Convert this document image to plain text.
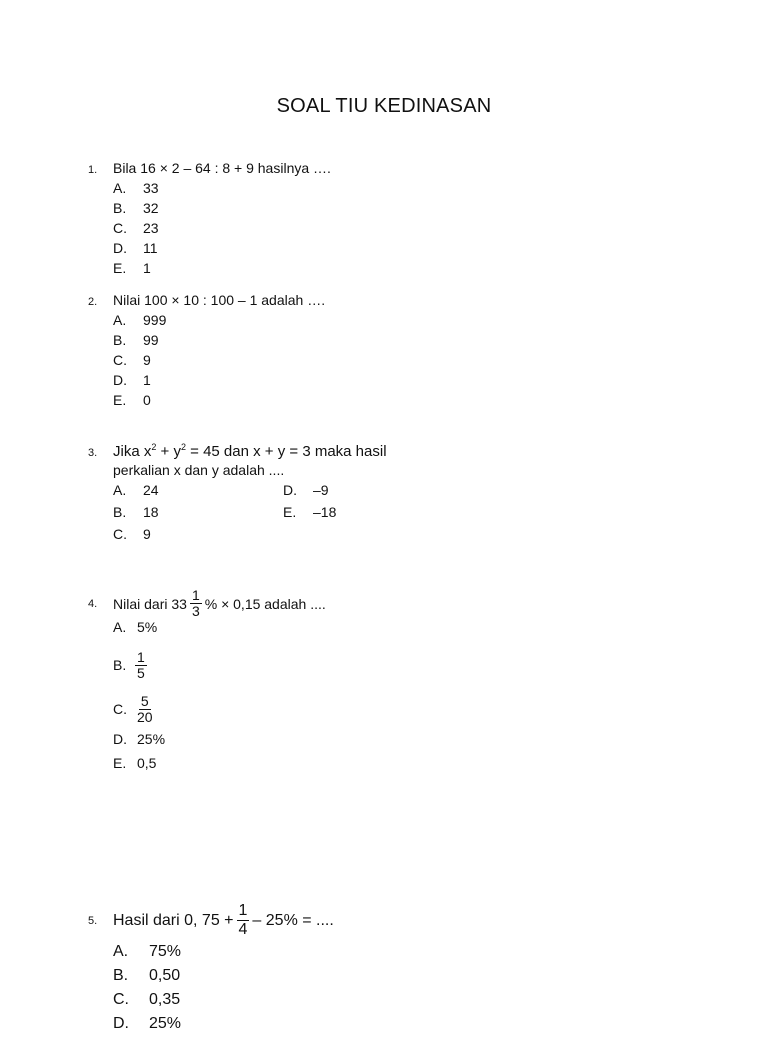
SOAL TIU KEDINASAN
1.	Bila 16 × 2 – 64 : 8 + 9 hasilnya ….
A.	33
B.	32
C.	23
D.	11
E.	1
2.	Nilai 100 × 10 : 100 – 1 adalah ….
A.	999
B.	99
C.	9
D.	1
E.	0
3.	Jika $x^2 + y^2 = 45$ dan x + y = 3 maka hasil
perkalian x dan y adalah ....
A.	24	D.	–9
B.	18	E.	–18
C.	9
4.	Nilai dari $33 \frac{1}{3}$ % × 0,15 adalah ....
A. 5%
B. $\frac{1}{5}$
C. $\frac{5}{20}$
D. 25%
E. 0,5
5. Hasil dari 0, $75 + \frac{1}{4} - 25\%$ = ....
A.	75%
B.	0,50
C.	0,35
D.	25%
